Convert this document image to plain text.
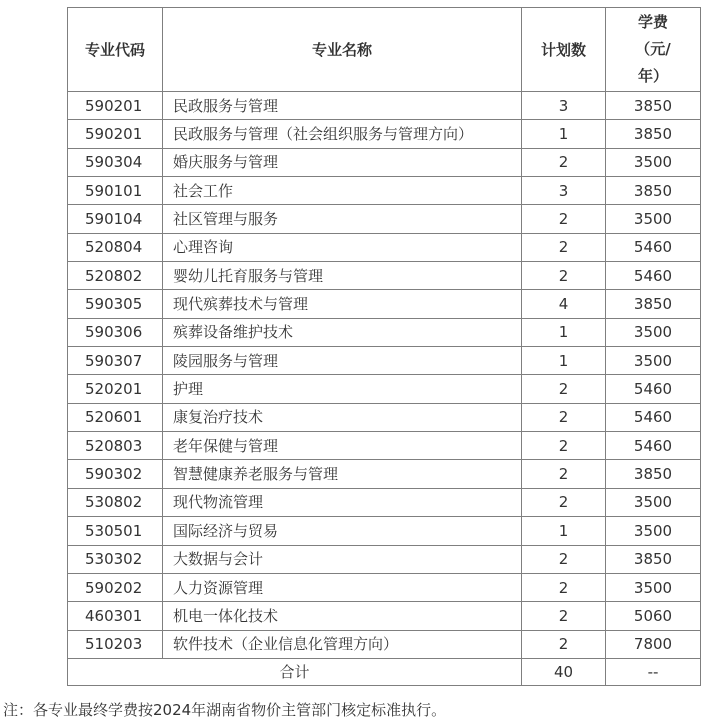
专业代码	专业名称	计划数	学费
（元/
年）

590201	民政服务与管理	3	3850
590201	民政服务与管理（社会组织服务与管理方向）	1	3850
590304	婚庆服务与管理	2	3500
590101	社会工作	3	3850
590104	社区管理与服务	2	3500
520804	心理咨询	2	5460
520802	婴幼儿托育服务与管理	2	5460
590305	现代殡葬技术与管理	4	3850
590306	殡葬设备维护技术	1	3500
590307	陵园服务与管理	1	3500
520201	护理	2	5460
520601	康复治疗技术	2	5460
520803	老年保健与管理	2	5460
590302	智慧健康养老服务与管理	2	3850
530802	现代物流管理	2	3500
530501	国际经济与贸易	1	3500
530302	大数据与会计	2	3850
590202	人力资源管理	2	3500
460301	机电一体化技术	2	5060
510203	软件技术（企业信息化管理方向）	2	7800
合计		40	--
注：各专业最终学费按2024年湖南省物价主管部门核定标准执行。
